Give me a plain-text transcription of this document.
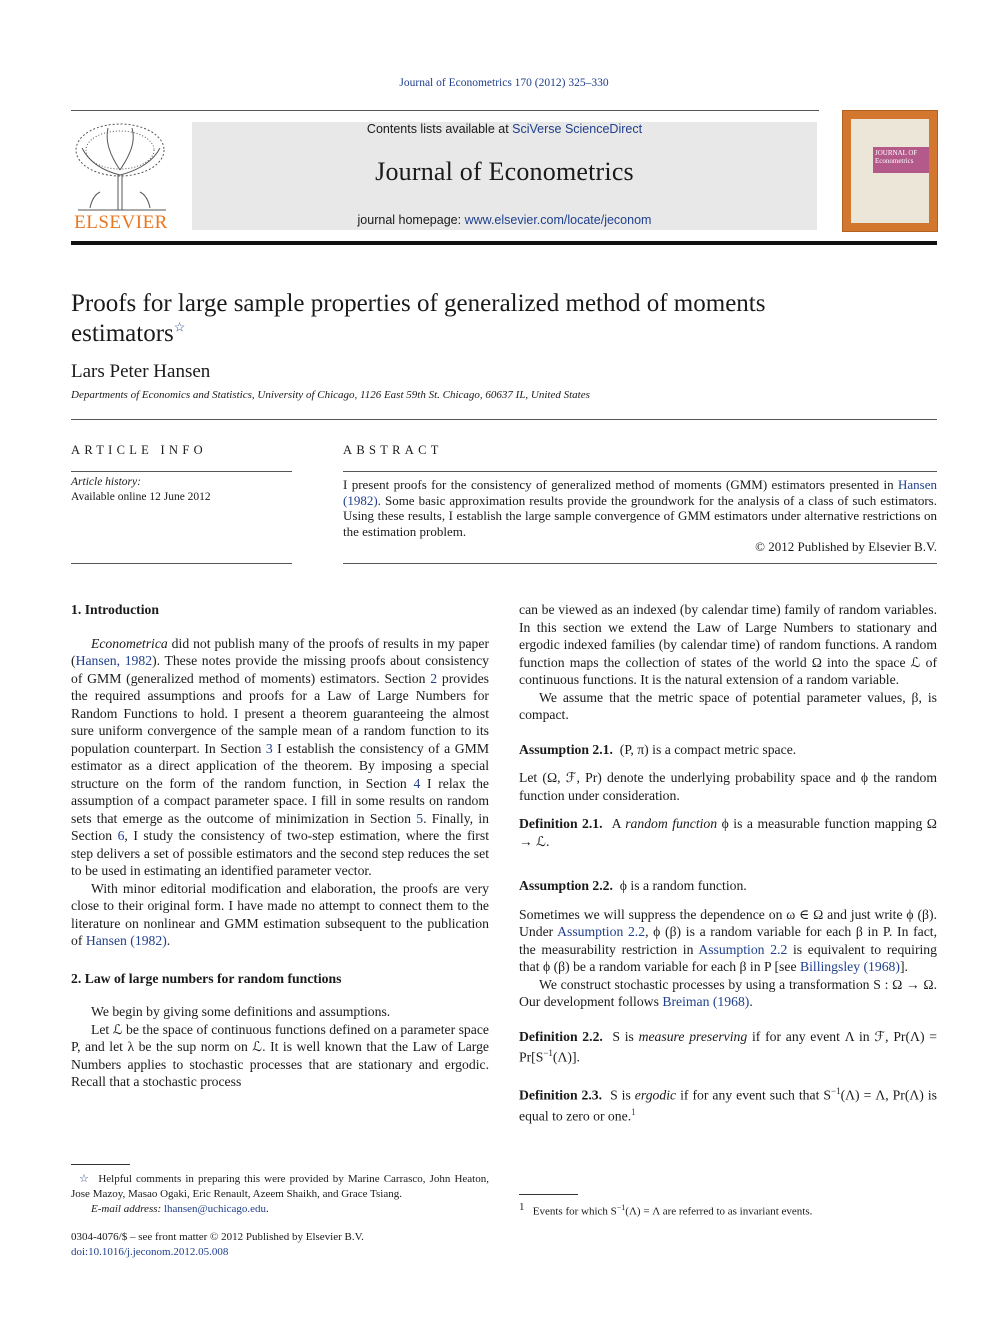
Journal of Econometrics 170 (2012) 325–330
ELSEVIER
Contents lists available at SciVerse ScienceDirect
Journal of Econometrics
journal homepage: www.elsevier.com/locate/jeconom
JOURNAL OF Econometrics
Proofs for large sample properties of generalized method of moments estimators☆
Lars Peter Hansen
Departments of Economics and Statistics, University of Chicago, 1126 East 59th St. Chicago, 60637 IL, United States
ARTICLE INFO	ABSTRACT
Article history:
Available online 12 June 2012
I present proofs for the consistency of generalized method of moments (GMM) estimators presented in Hansen (1982). Some basic approximation results provide the groundwork for the analysis of a class of such estimators. Using these results, I establish the large sample convergence of GMM estimators under alternative restrictions on the estimation problem.
© 2012 Published by Elsevier B.V.

1. Introduction

Econometrica did not publish many of the proofs of results in my paper (Hansen, 1982). These notes provide the missing proofs about consistency of GMM (generalized method of moments) estimators. Section 2 provides the required assumptions and proofs for a Law of Large Numbers for Random Functions to hold. I present a theorem guaranteeing the almost sure uniform convergence of the sample mean of a random function to its population counterpart. In Section 3 I establish the consistency of a GMM estimator as a direct application of the theorem. By imposing a special structure on the form of the random function, in Section 4 I relax the assumption of a compact parameter space. I fill in some results on random sets that emerge as the outcome of minimization in Section 5. Finally, in Section 6, I study the consistency of two-step estimation, where the first step delivers a set of possible estimators and the second step reduces the set to be used in estimating an identified parameter vector.

With minor editorial modification and elaboration, the proofs are very close to their original form. I have made no attempt to connect them to the literature on nonlinear and GMM estimation subsequent to the publication of Hansen (1982).

2. Law of large numbers for random functions

We begin by giving some definitions and assumptions.

Let ℒ be the space of continuous functions defined on a parameter space P, and let λ be the sup norm on ℒ. It is well known that the Law of Large Numbers applies to stochastic processes that are stationary and ergodic. Recall that a stochastic process

can be viewed as an indexed (by calendar time) family of random variables. In this section we extend the Law of Large Numbers to stationary and ergodic indexed families (by calendar time) of random functions. A random function maps the collection of states of the world Ω into the space ℒ of continuous functions. It is the natural extension of a random variable.

We assume that the metric space of potential parameter values, β, is compact.

Assumption 2.1. (P, π) is a compact metric space.

Let (Ω, ℱ, Pr) denote the underlying probability space and ϕ the random function under consideration.

Definition 2.1. A random function ϕ is a measurable function mapping Ω → ℒ.

Assumption 2.2. ϕ is a random function.

Sometimes we will suppress the dependence on ω ∈ Ω and just write ϕ (β). Under Assumption 2.2, ϕ (β) is a random variable for each β in P. In fact, the measurability restriction in Assumption 2.2 is equivalent to requiring that ϕ (β) be a random variable for each β in P [see Billingsley (1968)].

We construct stochastic processes by using a transformation S : Ω → Ω. Our development follows Breiman (1968).

Definition 2.2. S is measure preserving if for any event Λ in ℱ, $Pr(\Lambda) = Pr[S^{-1}(\Lambda)]$.

Definition 2.3. S is ergodic if for any event such that $S^{-1}(\Lambda) = \Lambda$, Pr(Λ) is equal to zero or one.$^1$

☆ Helpful comments in preparing this were provided by Marine Carrasco, John Heaton, Jose Mazoy, Masao Ogaki, Eric Renault, Azeem Shaikh, and Grace Tsiang.
E-mail address: lhansen@uchicago.edu.
0304-4076/$ – see front matter © 2012 Published by Elsevier B.V.
doi:10.1016/j.jeconom.2012.05.008
$^1$ Events for which $S^{-1}(\Lambda) = \Lambda$ are referred to as invariant events.
